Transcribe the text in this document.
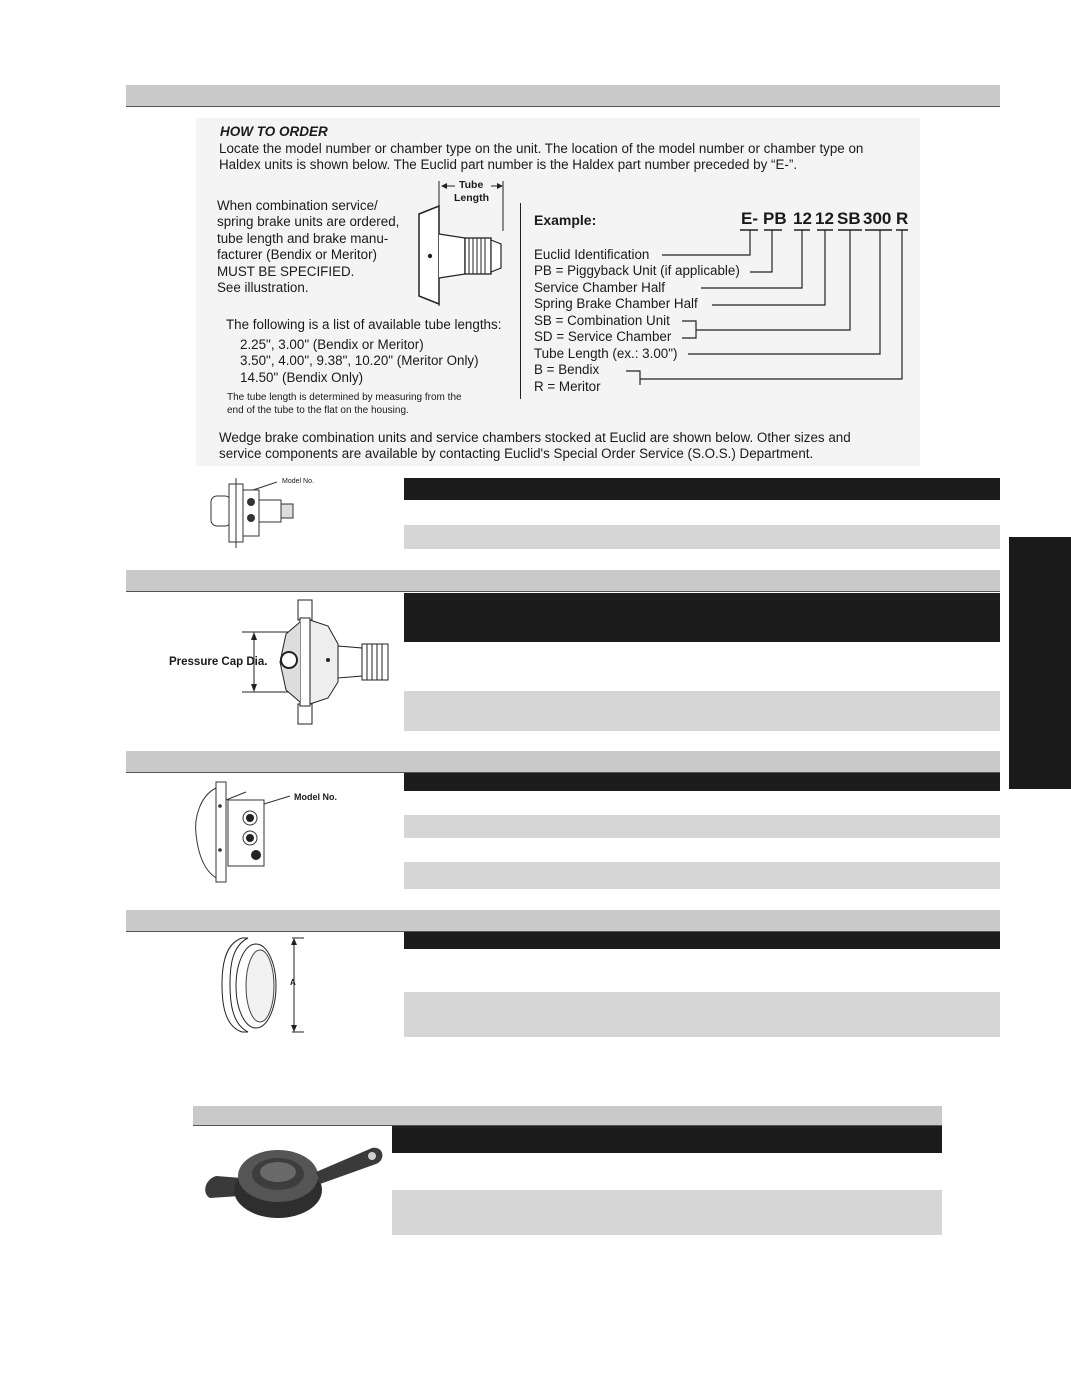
HOW TO ORDER
Locate the model number or chamber type on the unit. The location of the model number or chamber type on
Haldex units is shown below. The Euclid part number is the Haldex part number preceded by “E-”.
When combination service/
spring brake units are ordered,
tube length and brake manu-
facturer (Bendix or Meritor)
MUST BE SPECIFIED.
See illustration.
Tube
Length
The following is a list of available tube lengths:
2.25", 3.00" (Bendix or Meritor)
3.50", 4.00", 9.38", 10.20" (Meritor Only)
14.50" (Bendix Only)
The tube length is determined by measuring from the
end of the tube to the flat on the housing.
Example:	E- PB 12 12 SB 300 R
Euclid Identification
PB = Piggyback Unit (if applicable)
Service Chamber Half
Spring Brake Chamber Half
SB = Combination Unit
SD = Service Chamber
Tube Length (ex.: 3.00")
B = Bendix
R = Meritor
Wedge brake combination units and service chambers stocked at Euclid are shown below. Other sizes and
service components are available by contacting Euclid's Special Order Service (S.O.S.) Department.
Model No.
Pressure Cap Dia.
Model No.
A
